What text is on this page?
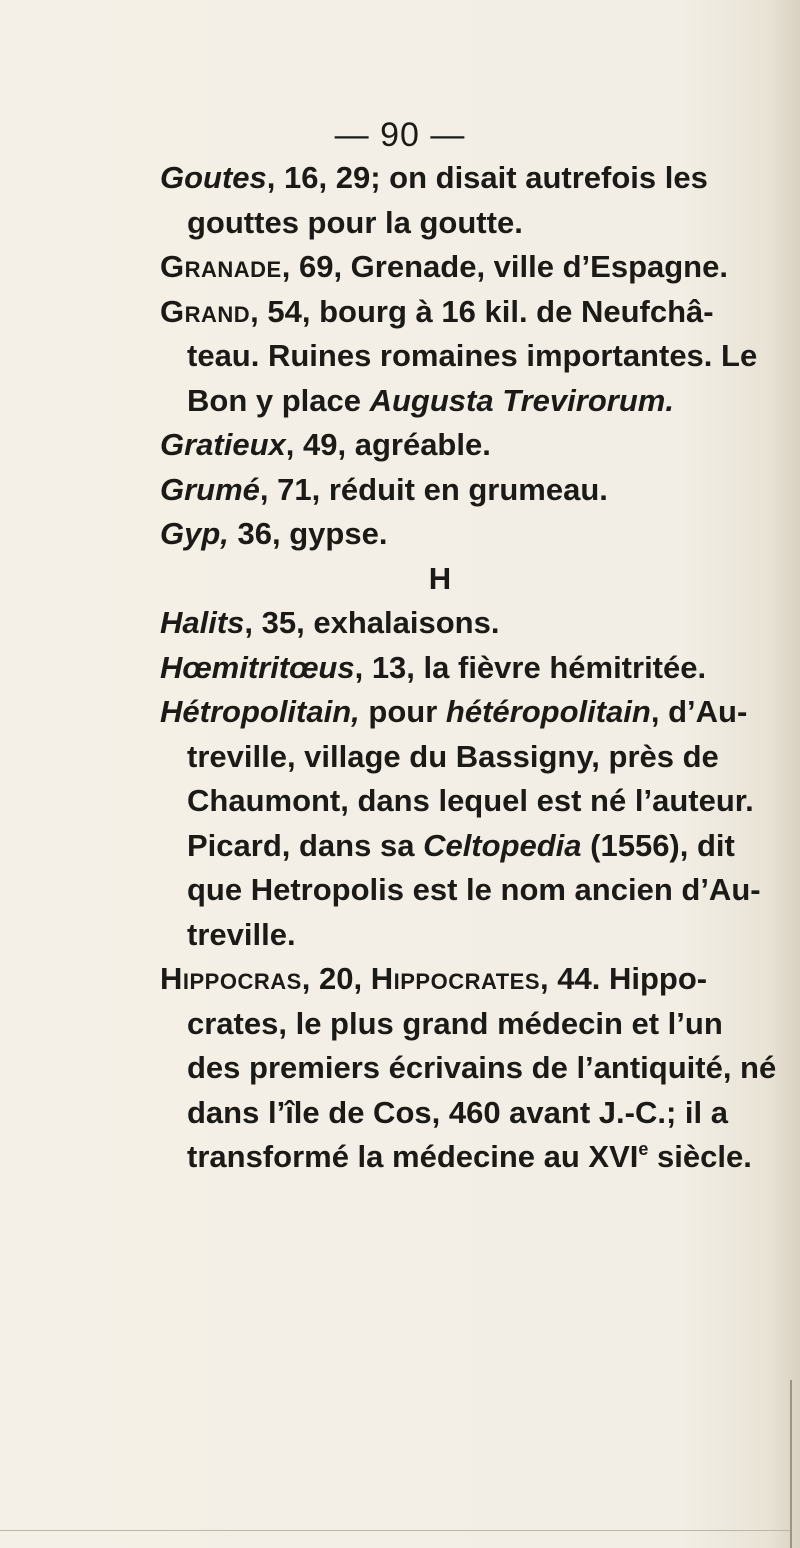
— 90 —
Goutes, 16, 29; on disait autrefois les
gouttes pour la goutte.
Granade, 69, Grenade, ville d’Espagne.
Grand, 54, bourg à 16 kil. de Neufchâ-
teau. Ruines romaines importantes. Le
Bon y place Augusta Trevirorum.
Gratieux, 49, agréable.
Grumé, 71, réduit en grumeau.
Gyp, 36, gypse.
H
Halits, 35, exhalaisons.
Hœmitritœus, 13, la fièvre hémitritée.
Hétropolitain, pour hétéropolitain, d’Au-
treville, village du Bassigny, près de
Chaumont, dans lequel est né l’auteur.
Picard, dans sa Celtopedia (1556), dit
que Hetropolis est le nom ancien d’Au-
treville.
Hippocras, 20, Hippocrates, 44. Hippo-
crates, le plus grand médecin et l’un
des premiers écrivains de l’antiquité, né
dans l’île de Cos, 460 avant J.-C.; il a
transformé la médecine au XVIe siècle.
